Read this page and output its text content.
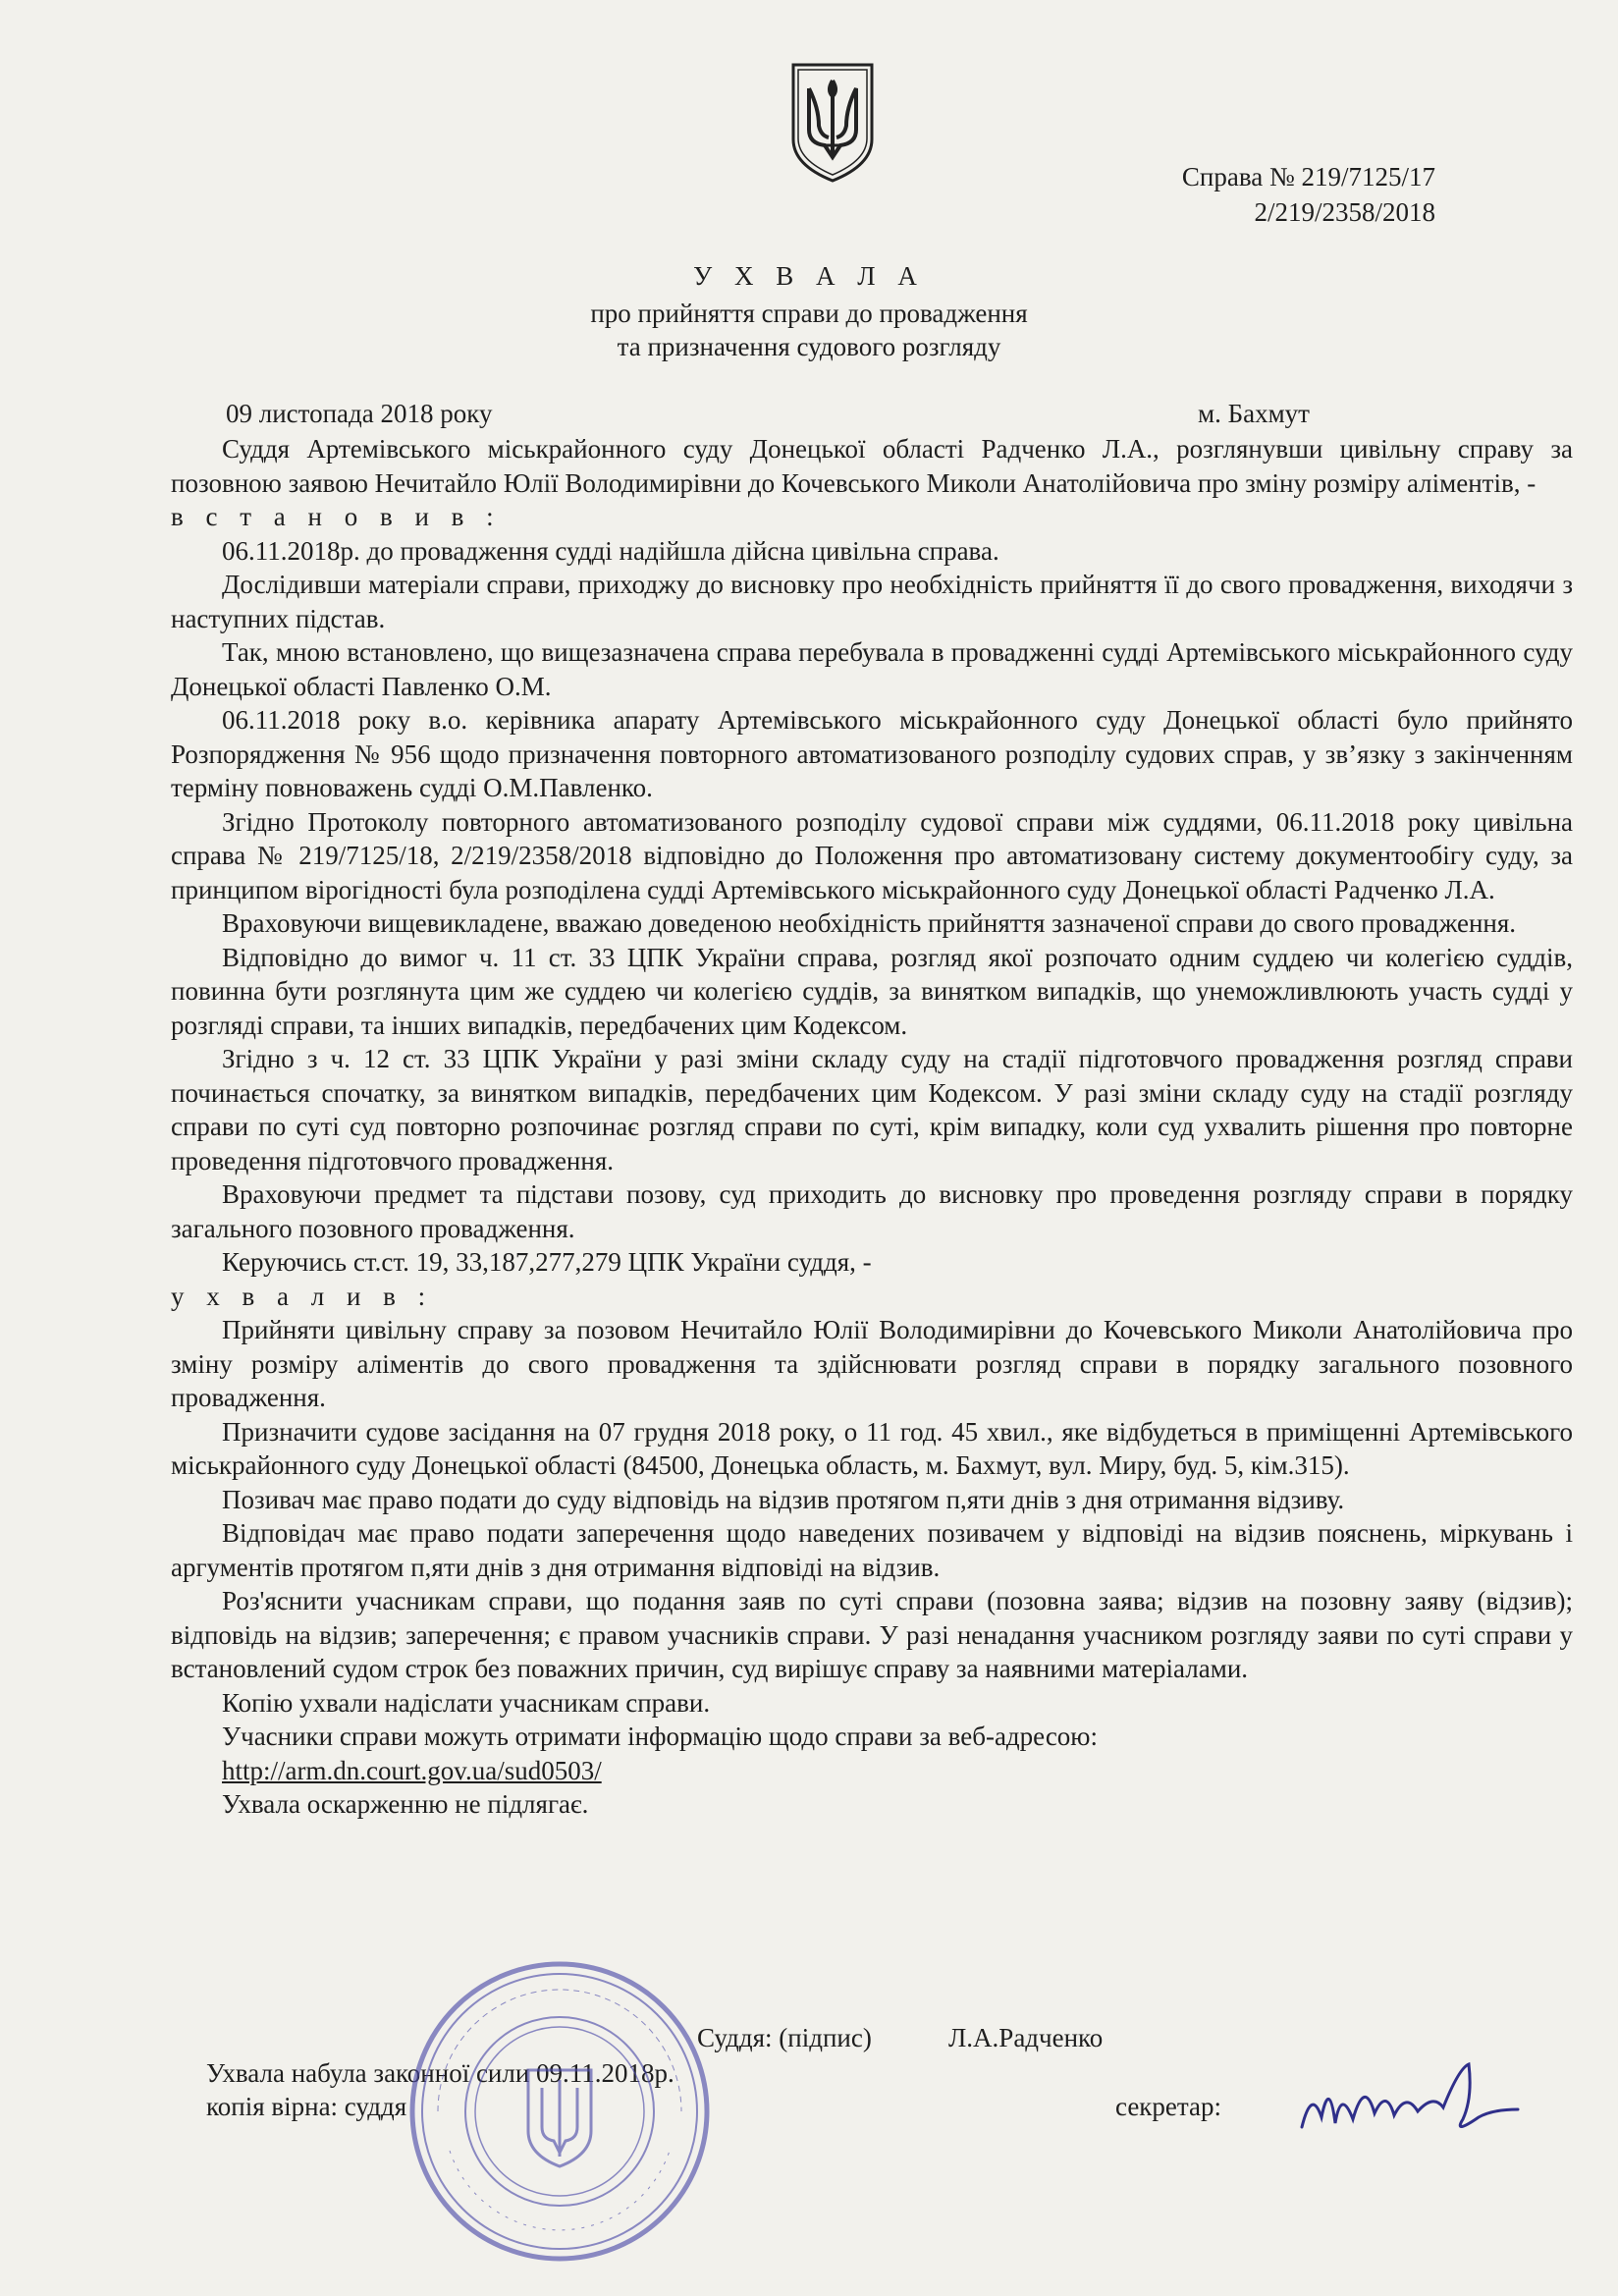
Справа № 219/7125/17
2/219/2358/2018
У Х В А Л А
про прийняття справи до провадження
та призначення судового розгляду
09 листопада 2018 року	м. Бахмут

Суддя Артемівського міськрайонного суду Донецької області Радченко Л.А., розглянувши цивільну справу за позовною заявою Нечитайло Юлії Володимирівни до Кочевського Миколи Анатолійовича про зміну розміру аліментів, -

в с т а н о в и в :

06.11.2018р. до провадження судді надійшла дійсна цивільна справа.

Дослідивши матеріали справи, приходжу до висновку про необхідність прийняття її до свого провадження, виходячи з наступних підстав.

Так, мною встановлено, що вищезазначена справа перебувала в провадженні судді Артемівського міськрайонного суду Донецької області Павленко О.М.

06.11.2018 року в.о. керівника апарату Артемівського міськрайонного суду Донецької області було прийнято Розпорядження № 956 щодо призначення повторного автоматизованого розподілу судових справ, у зв’язку з закінченням терміну повноважень судді О.М.Павленко.

Згідно Протоколу повторного автоматизованого розподілу судової справи між суддями, 06.11.2018 року цивільна справа № 219/7125/18, 2/219/2358/2018 відповідно до Положення про автоматизовану систему документообігу суду, за принципом вірогідності була розподілена судді Артемівського міськрайонного суду Донецької області Радченко Л.А.

Враховуючи вищевикладене, вважаю доведеною необхідність прийняття зазначеної справи до свого провадження.

Відповідно до вимог ч. 11 ст. 33 ЦПК України справа, розгляд якої розпочато одним суддею чи колегією суддів, повинна бути розглянута цим же суддею чи колегією суддів, за винятком випадків, що унеможливлюють участь судді у розгляді справи, та інших випадків, передбачених цим Кодексом.

Згідно з ч. 12 ст. 33 ЦПК України у разі зміни складу суду на стадії підготовчого провадження розгляд справи починається спочатку, за винятком випадків, передбачених цим Кодексом. У разі зміни складу суду на стадії розгляду справи по суті суд повторно розпочинає розгляд справи по суті, крім випадку, коли суд ухвалить рішення про повторне проведення підготовчого провадження.

Враховуючи предмет та підстави позову, суд приходить до висновку про проведення розгляду справи в порядку загального позовного провадження.

Керуючись ст.ст. 19, 33,187,277,279 ЦПК України суддя, -

у х в а л и в :

Прийняти цивільну справу за позовом Нечитайло Юлії Володимирівни до Кочевського Миколи Анатолійовича про зміну розміру аліментів до свого провадження та здійснювати розгляд справи в порядку загального позовного провадження.

Призначити судове засідання на 07 грудня 2018 року, о 11 год. 45 хвил., яке відбудеться в приміщенні Артемівського міськрайонного суду Донецької області (84500, Донецька область, м. Бахмут, вул. Миру, буд. 5, кім.315).

Позивач має право подати до суду відповідь на відзив протягом п,яти днів з дня отримання відзиву.

Відповідач має право подати заперечення щодо наведених позивачем у відповіді на відзив пояснень, міркувань і аргументів протягом п,яти днів з дня отримання відповіді на відзив.

Роз'яснити учасникам справи, що подання заяв по суті справи (позовна заява; відзив на позовну заяву (відзив); відповідь на відзив; заперечення; є правом учасників справи. У разі ненадання учасником розгляду заяви по суті справи у встановлений судом строк без поважних причин, суд вирішує справу за наявними матеріалами.

Копію ухвали надіслати учасникам справи.

Учасники справи можуть отримати інформацію щодо справи за веб-адресою:

http://arm.dn.court.gov.ua/sud0503/

Ухвала оскарженню не підлягає.

Суддя: (підпис)	Л.А.Радченко
Ухвала набула законної сили 09.11.2018р.
копія вірна: суддя	секретар:
